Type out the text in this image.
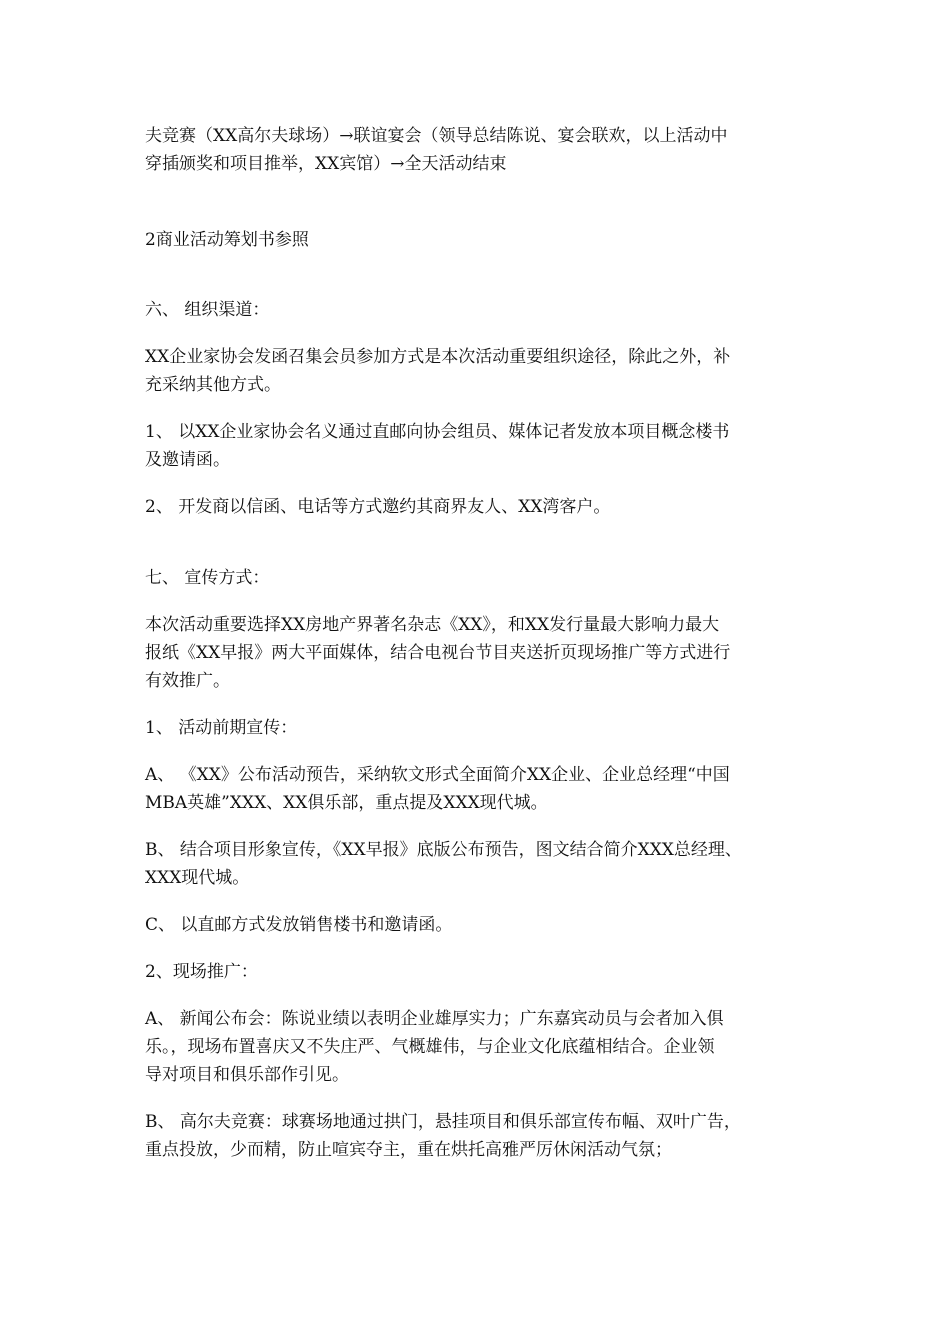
夫竞赛（XX高尔夫球场）→联谊宴会（领导总结陈说、宴会联欢，以上活动中
穿插颁奖和项目推举，XX宾馆）→全天活动结束

2商业活动筹划书参照

六、 组织渠道：

XX企业家协会发函召集会员参加方式是本次活动重要组织途径，除此之外，补
充采纳其他方式。

1、 以XX企业家协会名义通过直邮向协会组员、媒体记者发放本项目概念楼书
及邀请函。

2、 开发商以信函、电话等方式邀约其商界友人、XX湾客户。

七、 宣传方式：

本次活动重要选择XX房地产界著名杂志《XX》，和XX发行量最大影响力最大
报纸《XX早报》两大平面媒体，结合电视台节目夹送折页现场推广等方式进行
有效推广。

1、 活动前期宣传：

A、 《XX》公布活动预告，采纳软文形式全面简介XX企业、企业总经理“中国
MBA英雄”XXX、XX俱乐部，重点提及XXX现代城。

B、 结合项目形象宣传，《XX早报》底版公布预告，图文结合简介XXX总经理、
XXX现代城。

C、 以直邮方式发放销售楼书和邀请函。

2、现场推广：

A、 新闻公布会：陈说业绩以表明企业雄厚实力；广东嘉宾动员与会者加入俱
乐。，现场布置喜庆又不失庄严、气概雄伟，与企业文化底蕴相结合。企业领
导对项目和俱乐部作引见。

B、 高尔夫竞赛：球赛场地通过拱门，悬挂项目和俱乐部宣传布幅、双叶广告，
重点投放，少而精，防止喧宾夺主，重在烘托高雅严厉休闲活动气氛；
